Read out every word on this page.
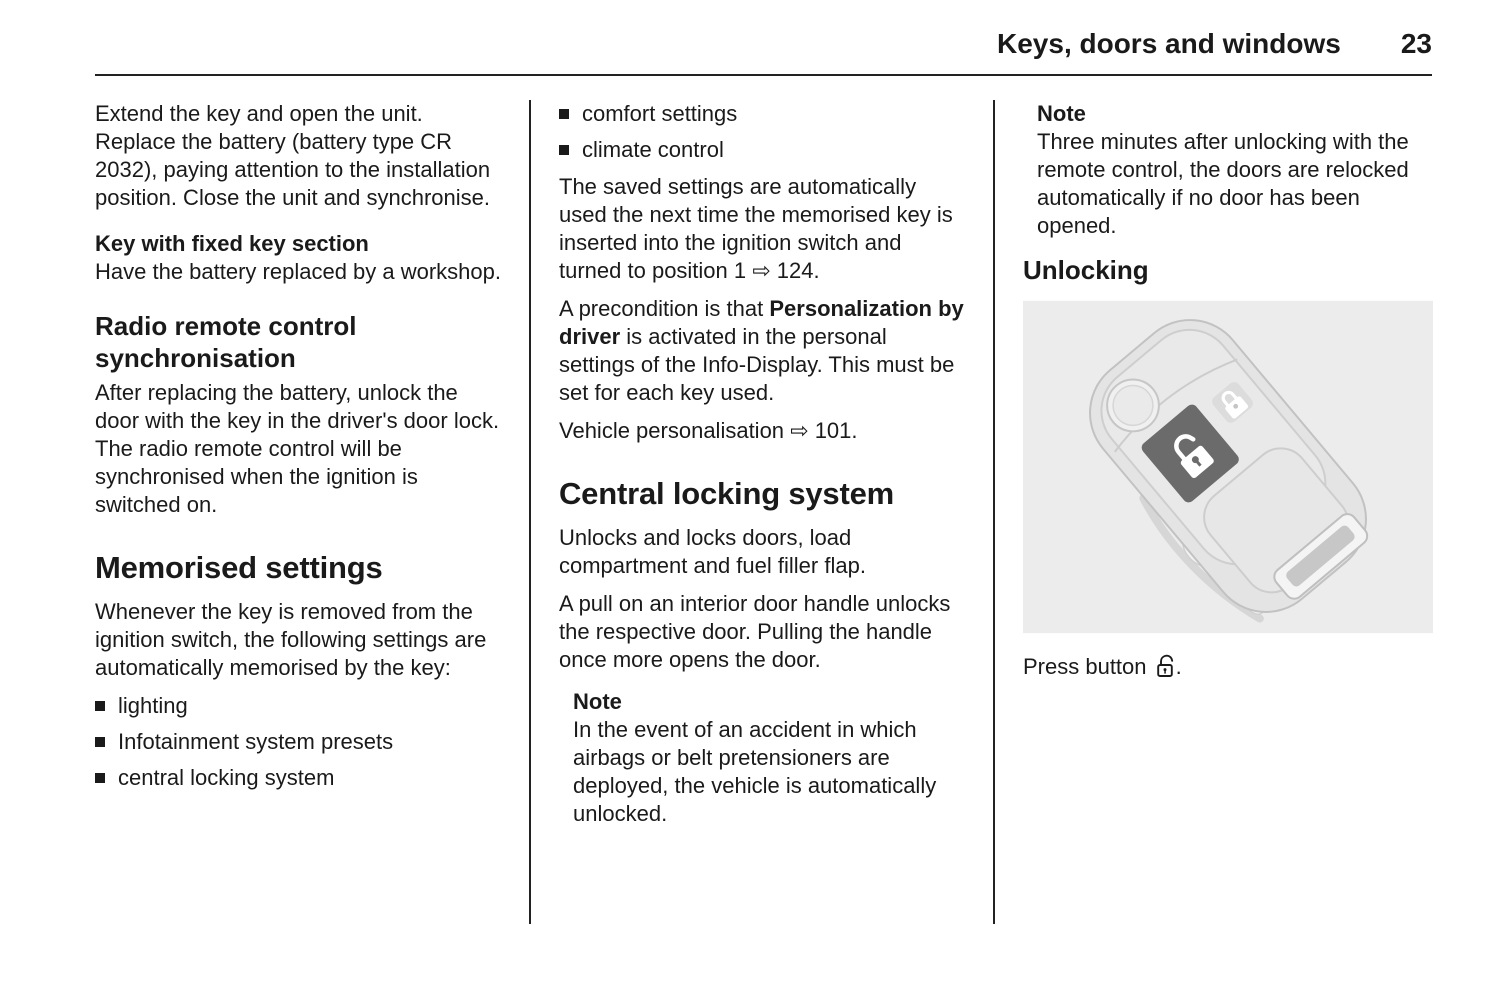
Keys, doors and windows 23

Extend the key and open the unit. Replace the battery (battery type CR 2032), paying attention to the installation position. Close the unit and synchronise.

Key with fixed key section

Have the battery replaced by a workshop.

Radio remote control synchronisation

After replacing the battery, unlock the door with the key in the driver's door lock. The radio remote control will be synchronised when the ignition is switched on.

Memorised settings

Whenever the key is removed from the ignition switch, the following settings are automatically memorised by the key:

lighting
Infotainment system presets
central locking system
comfort settings
climate control

The saved settings are automatically used the next time the memorised key is inserted into the ignition switch and turned to position 1 ⇨ 124.

A precondition is that Personalization by driver is activated in the personal settings of the Info-Display. This must be set for each key used.

Vehicle personalisation ⇨ 101.

Central locking system

Unlocks and locks doors, load compartment and fuel filler flap.

A pull on an interior door handle unlocks the respective door. Pulling the handle once more opens the door.

Note

In the event of an accident in which airbags or belt pretensioners are deployed, the vehicle is automatically unlocked.

Note

Three minutes after unlocking with the remote control, the doors are relocked automatically if no door has been opened.

Unlocking

Press button .
